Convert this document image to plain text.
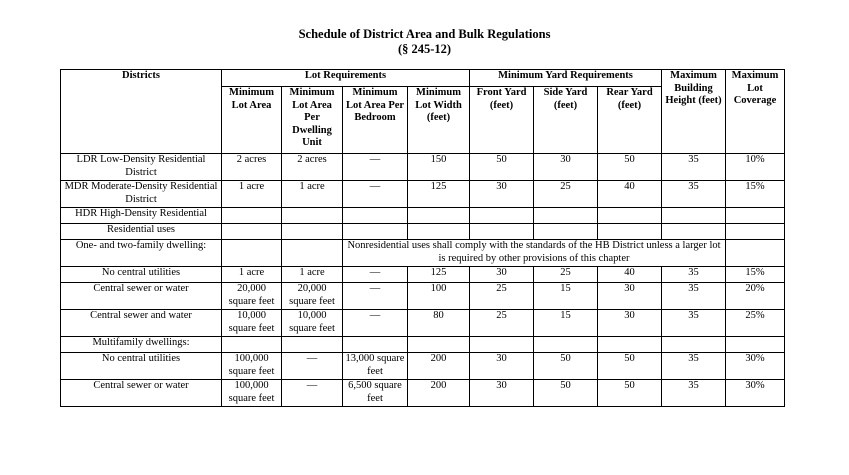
Schedule of District Area and Bulk Regulations
(§ 245-12)
Districts	Lot Requirements				Minimum Yard Requirements			Maximum Building Height (feet)	Maximum Lot Coverage	
	Minimum Lot Area	Minimum Lot Area Per Dwelling Unit	Minimum Lot Area Per Bedroom	Minimum Lot Width (feet)	Front Yard (feet)	Side Yard (feet)	Rear Yard (feet)			
LDR Low-Density Residential District	2 acres	2 acres	—	150	50	30	50	35	10%	
MDR Moderate-Density Residential District	1 acre	1 acre	—	125	30	25	40	35	15%	
HDR High-Density Residential										
Residential uses										
One- and two-family dwelling:			Nonresidential uses shall comply with the standards of the HB District unless a larger lot is required by other provisions of this chapter							
No central utilities	1 acre	1 acre	—	125	30	25	40	35	15%	
Central sewer or water	20,000 square feet	20,000 square feet	—	100	25	15	30	35	20%	
Central sewer and water	10,000 square feet	10,000 square feet	—	80	25	15	30	35	25%	
Multifamily dwellings:										
No central utilities	100,000 square feet	—	13,000 square feet	200	30	50	50	35	30%	
Central sewer or water	100,000 square feet	—	6,500 square feet	200	30	50	50	35	30%	
